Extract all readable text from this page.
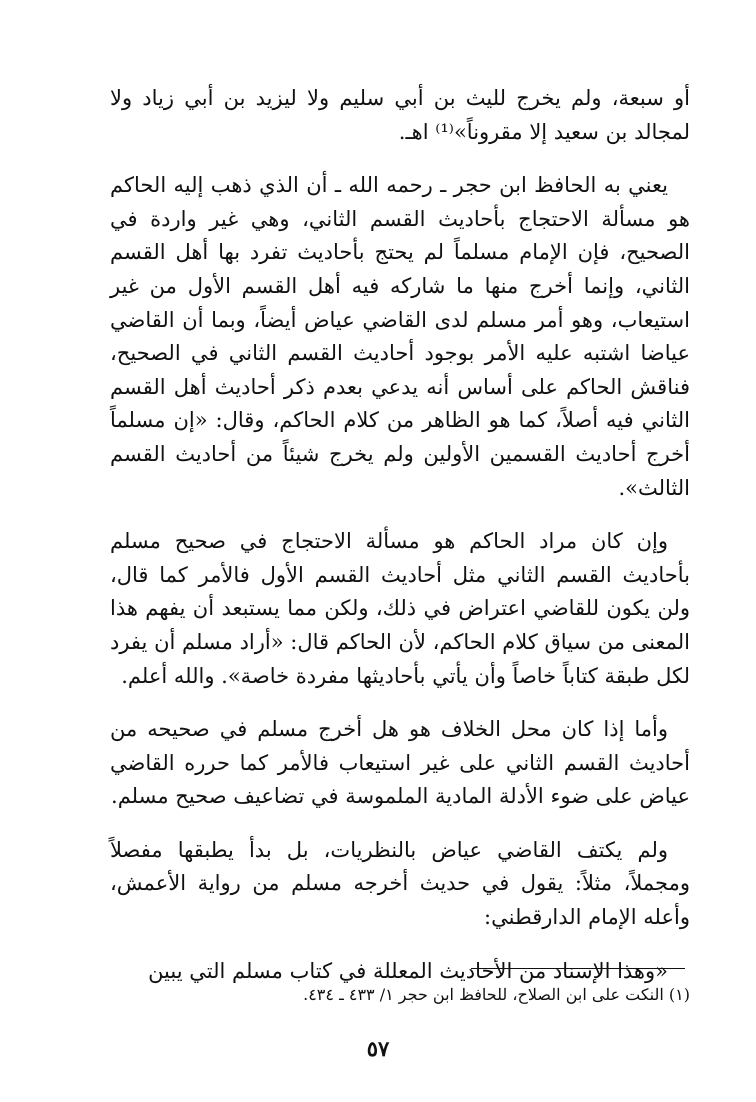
أو سبعة، ولم يخرج لليث بن أبي سليم ولا ليزيد بن أبي زياد ولا لمجالد بن سعيد إلا مقروناً»⁽¹⁾ اهـ.

يعني به الحافظ ابن حجر ـ رحمه الله ـ أن الذي ذهب إليه الحاكم هو مسألة الاحتجاج بأحاديث القسم الثاني، وهي غير واردة في الصحيح، فإن الإمام مسلماً لم يحتج بأحاديث تفرد بها أهل القسم الثاني، وإنما أخرج منها ما شاركه فيه أهل القسم الأول من غير استيعاب، وهو أمر مسلم لدى القاضي عياض أيضاً، وبما أن القاضي عياضا اشتبه عليه الأمر بوجود أحاديث القسم الثاني في الصحيح، فناقش الحاكم على أساس أنه يدعي بعدم ذكر أحاديث أهل القسم الثاني فيه أصلاً، كما هو الظاهر من كلام الحاكم، وقال: «إن مسلماً أخرج أحاديث القسمين الأولين ولم يخرج شيئاً من أحاديث القسم الثالث».

وإن كان مراد الحاكم هو مسألة الاحتجاج في صحيح مسلم بأحاديث القسم الثاني مثل أحاديث القسم الأول فالأمر كما قال، ولن يكون للقاضي اعتراض في ذلك، ولكن مما يستبعد أن يفهم هذا المعنى من سياق كلام الحاكم، لأن الحاكم قال: «أراد مسلم أن يفرد لكل طبقة كتاباً خاصاً وأن يأتي بأحاديثها مفردة خاصة». والله أعلم.

وأما إذا كان محل الخلاف هو هل أخرج مسلم في صحيحه من أحاديث القسم الثاني على غير استيعاب فالأمر كما حرره القاضي عياض على ضوء الأدلة المادية الملموسة في تضاعيف صحيح مسلم.

ولم يكتف القاضي عياض بالنظريات، بل بدأ يطبقها مفصلاً ومجملاً، مثلاً: يقول في حديث أخرجه مسلم من رواية الأعمش، وأعله الإمام الدارقطني:

«وهذا الإسناد من الأحاديث المعللة في كتاب مسلم التي يبين

(١) النكت على ابن الصلاح، للحافظ ابن حجر ١/ ٤٣٣ ـ ٤٣٤.
٥٧
